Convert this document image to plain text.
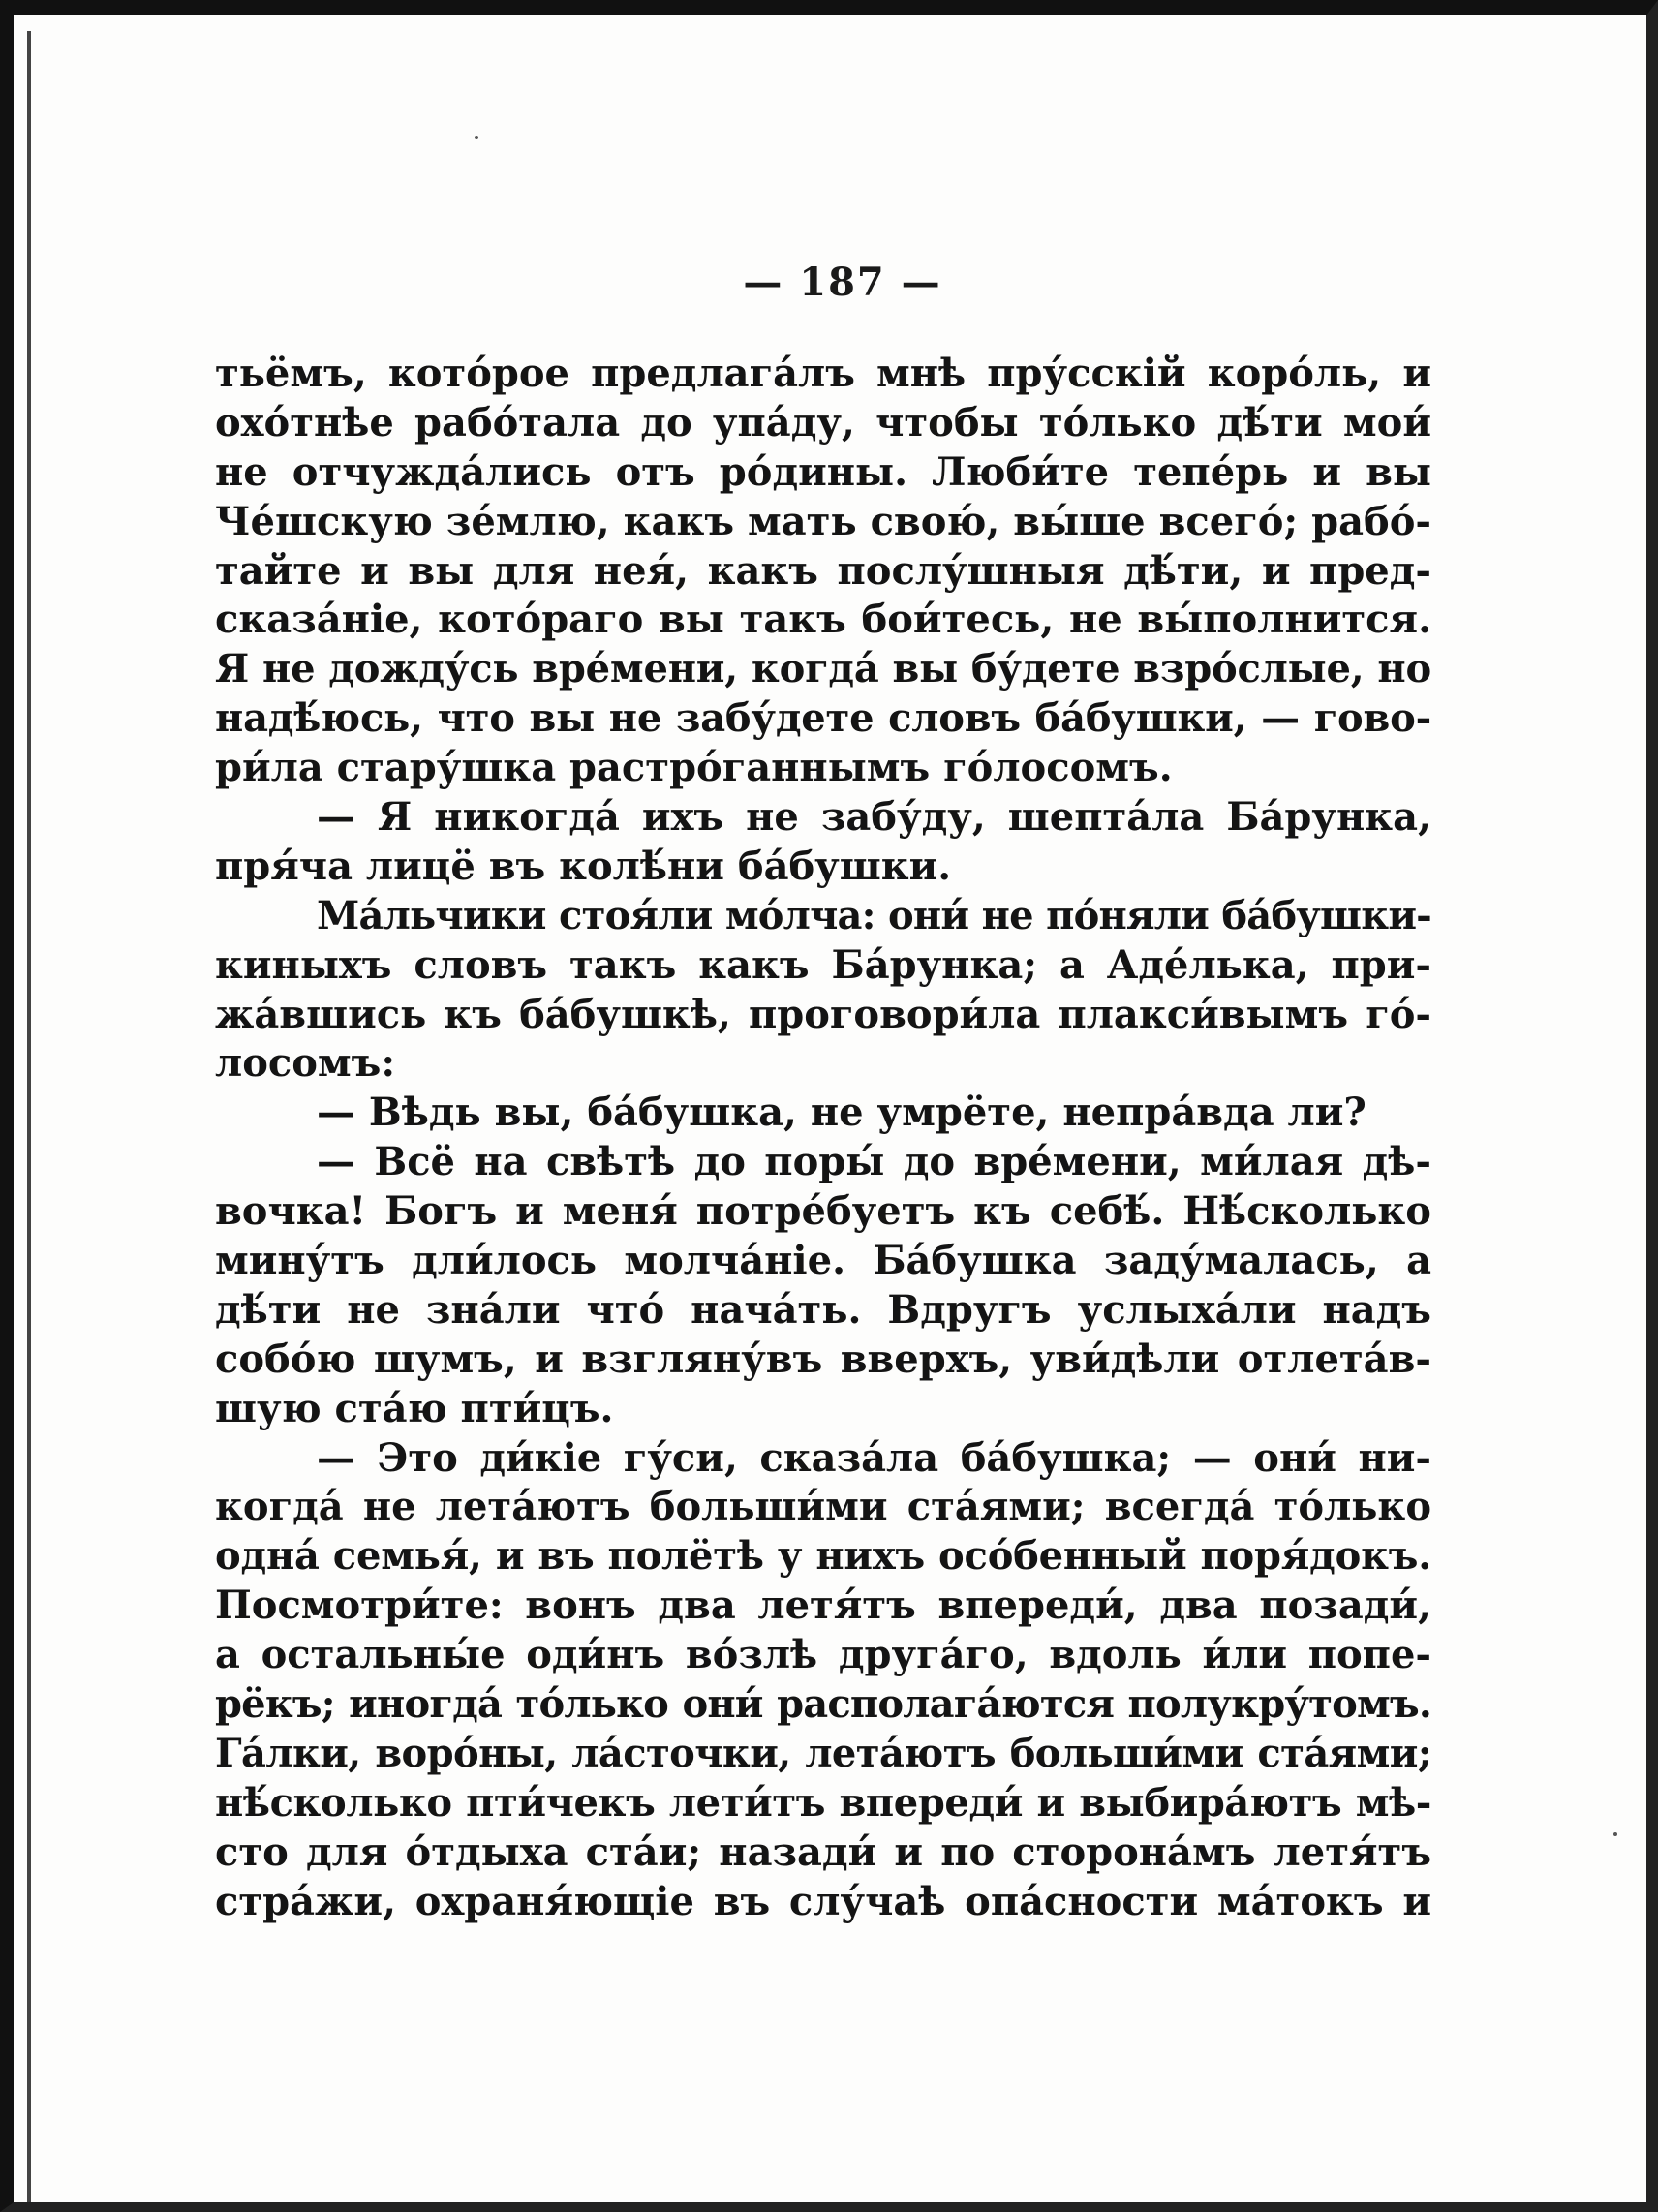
— 187 —
тьёмъ, кото́рое предлага́лъ мнѣ пру́сскій коро́ль, и
охо́тнѣе рабо́тала до упа́ду, чтобы то́лько дѣ́ти мои́
не отчужда́лись отъ ро́дины. Люби́те тепе́рь и вы
Че́шскую зе́млю, какъ мать свою́, вы́ше всего́; рабо́-
тайте и вы для нея́, какъ послу́шныя дѣ́ти, и пред-
сказа́ніе, кото́раго вы такъ бои́тесь, не вы́полнится.
Я не дожду́сь вре́мени, когда́ вы бу́дете взро́слые, но
надѣ́юсь, что вы не забу́дете словъ ба́бушки, — гово-
ри́ла стару́шка растро́ганнымъ го́лосомъ.
— Я никогда́ ихъ не забу́ду, шепта́ла Ба́рунка,
пря́ча лицё въ колѣ́ни ба́бушки.
Ма́льчики стоя́ли мо́лча: они́ не по́няли ба́бушки-
киныхъ словъ такъ какъ Ба́рунка; а Аде́лька, при-
жа́вшись къ ба́бушкѣ, проговори́ла плакси́вымъ го́-
лосомъ:
— Вѣдь вы, ба́бушка, не умрёте, непра́вда ли?
— Всё на свѣтѣ до поры́ до вре́мени, ми́лая дѣ-
вочка! Богъ и меня́ потре́буетъ къ себѣ́. Нѣ́сколько
мину́тъ дли́лось молча́ніе. Ба́бушка заду́малась, а
дѣ́ти не зна́ли что́ нача́ть. Вдругъ услыха́ли надъ
собо́ю шумъ, и взгляну́въ вверхъ, уви́дѣли отлета́в-
шую ста́ю пти́цъ.
— Это ди́кіе гу́си, сказа́ла ба́бушка; — они́ ни-
когда́ не лета́ютъ больши́ми ста́ями; всегда́ то́лько
одна́ семья́, и въ полётѣ у нихъ осо́бенный поря́докъ.
Посмотри́те: вонъ два летя́тъ впереди́, два позади́,
а остальны́е оди́нъ во́злѣ друга́го, вдоль и́ли попе-
рёкъ; иногда́ то́лько они́ располага́ются полукру́томъ.
Га́лки, воро́ны, ла́сточки, лета́ютъ больши́ми ста́ями;
нѣ́сколько пти́чекъ лети́тъ впереди́ и выбира́ютъ мѣ-
сто для о́тдыха ста́и; назади́ и по сторона́мъ летя́тъ
стра́жи, охраня́ющіе въ слу́чаѣ опа́сности ма́токъ и
